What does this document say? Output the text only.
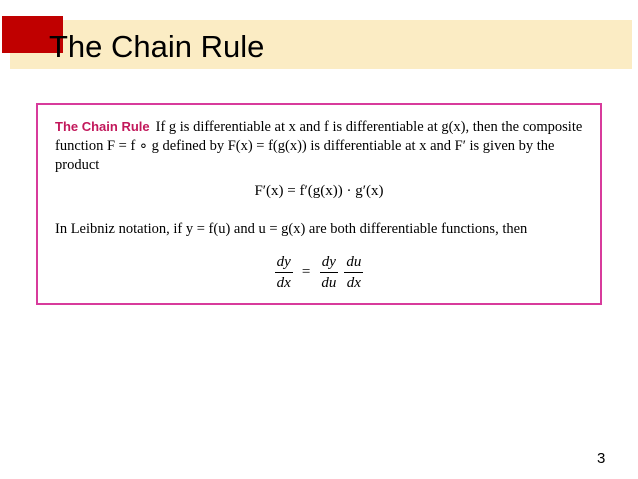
The Chain Rule

The Chain Rule If g is differentiable at x and f is differentiable at g(x), then the composite function F = f ∘ g defined by F(x) = f(g(x)) is differentiable at x and F′ is given by the product

F′(x) = f′(g(x)) · g′(x)
In Leibniz notation, if y = f(u) and u = g(x) are both differentiable functions, then
$\frac{dy}{dx} = \frac{dy}{du} \frac{du}{dx}$
3
